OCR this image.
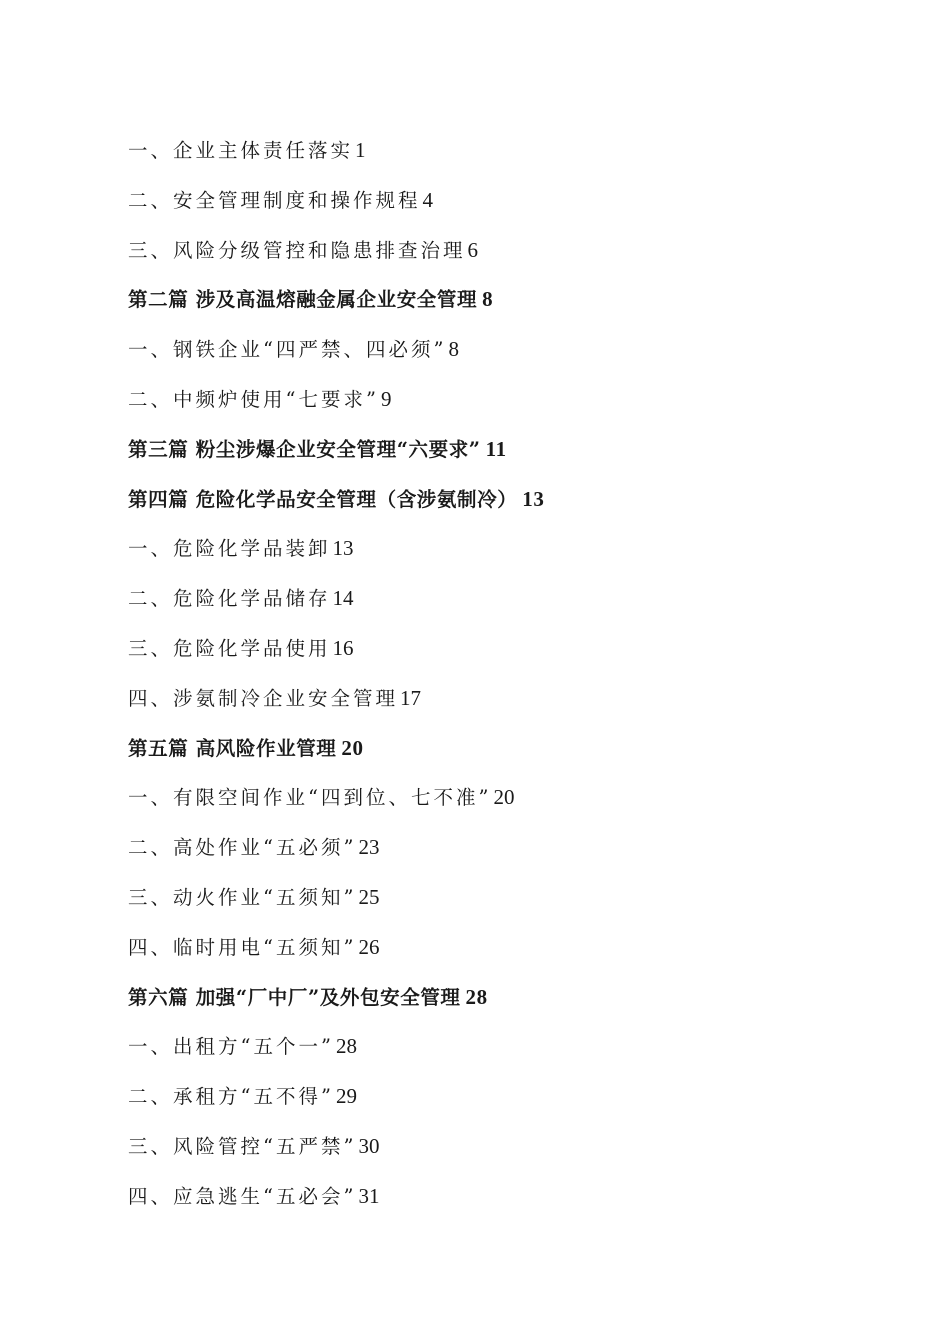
一、企业主体责任落实1
二、安全管理制度和操作规程4
三、风险分级管控和隐患排查治理6
第二篇 涉及高温熔融金属企业安全管理 8
一、钢铁企业“四严禁、四必须”8
二、中频炉使用“七要求”9
第三篇 粉尘涉爆企业安全管理“六要求” 11
第四篇 危险化学品安全管理（含涉氨制冷） 13
一、危险化学品装卸13
二、危险化学品储存14
三、危险化学品使用16
四、涉氨制冷企业安全管理17
第五篇 高风险作业管理 20
一、有限空间作业“四到位、七不准”20
二、高处作业“五必须”23
三、动火作业“五须知”25
四、临时用电“五须知”26
第六篇 加强“厂中厂”及外包安全管理 28
一、出租方“五个一”28
二、承租方“五不得”29
三、风险管控“五严禁”30
四、应急逃生“五必会”31
